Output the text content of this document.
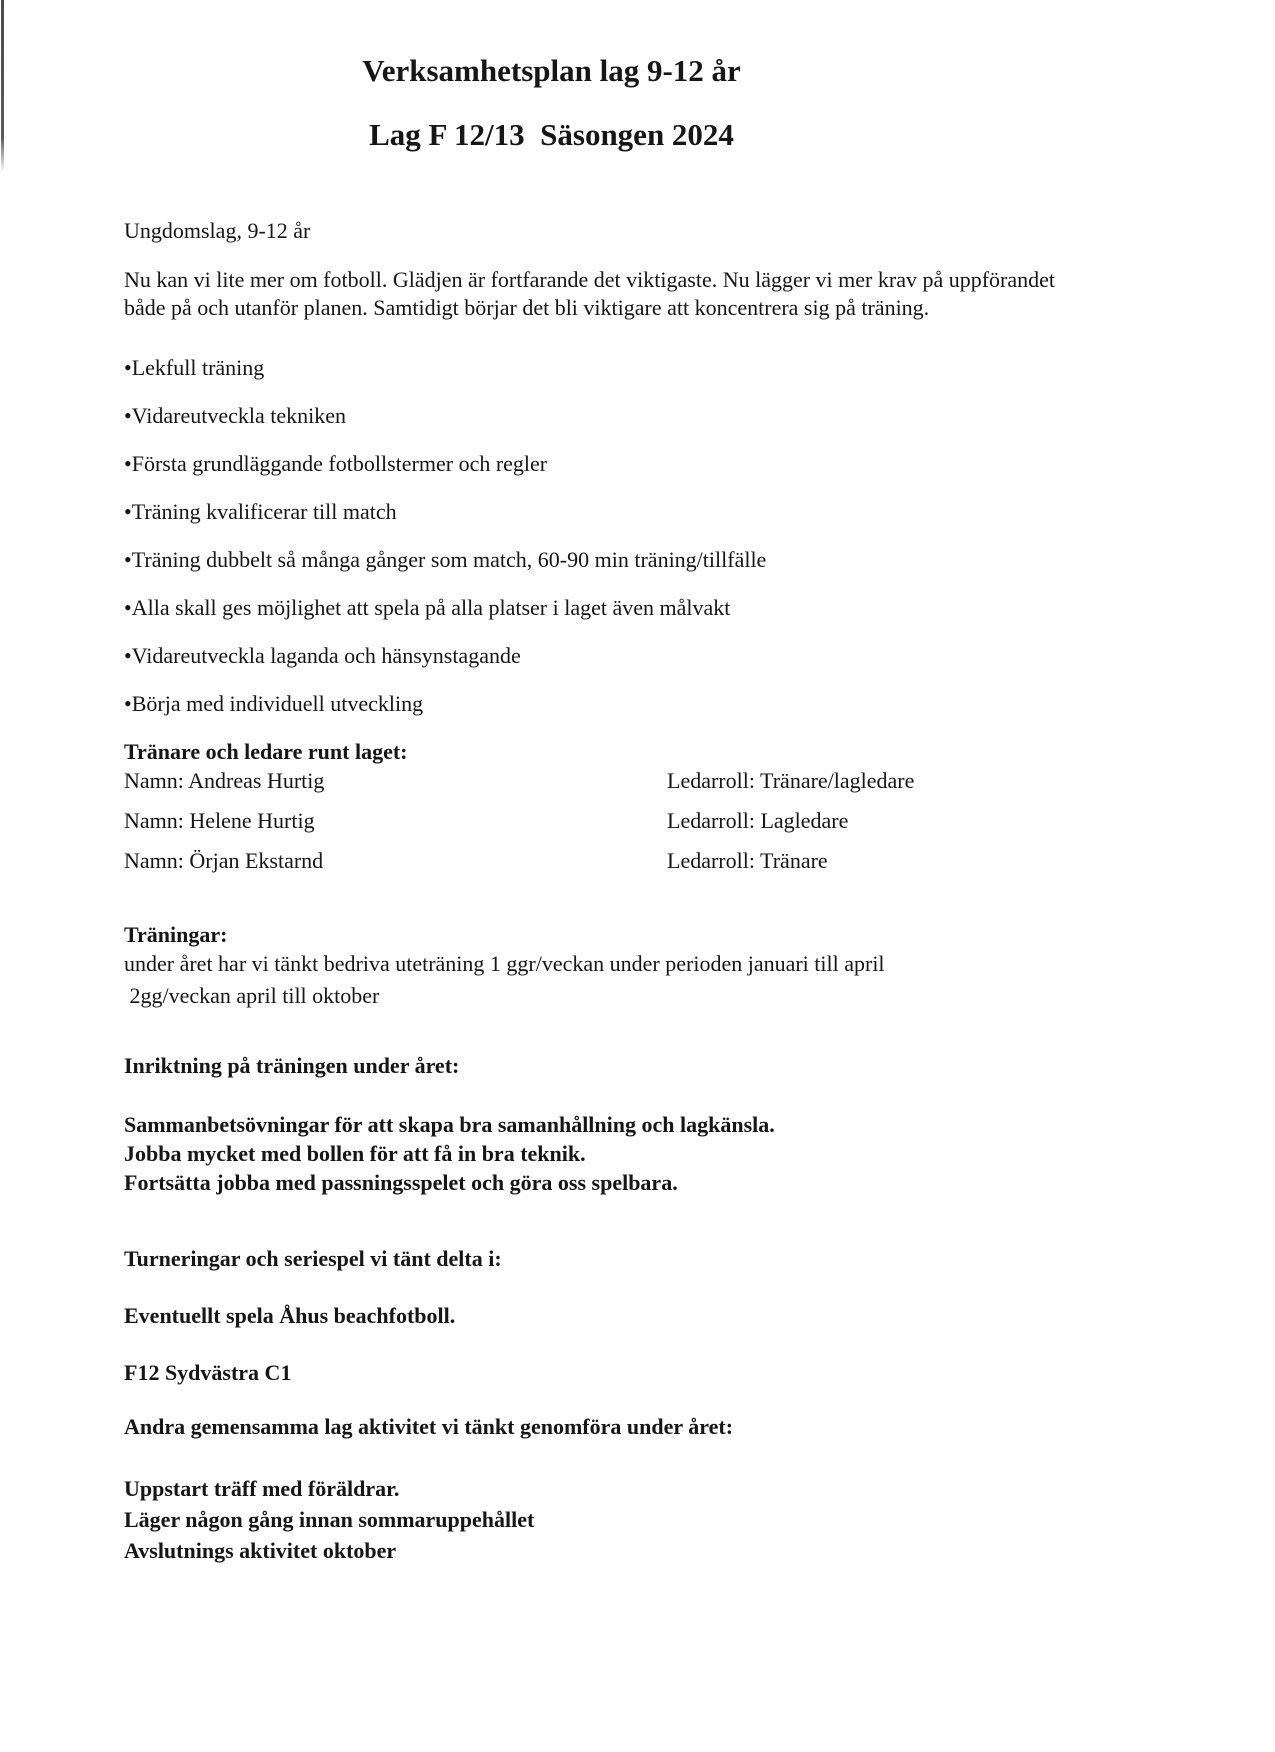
Verksamhetsplan lag 9-12 år
Lag F 12/13  Säsongen 2024
Ungdomslag, 9-12 år
Nu kan vi lite mer om fotboll. Glädjen är fortfarande det viktigaste. Nu lägger vi mer krav på uppförandet både på och utanför planen. Samtidigt börjar det bli viktigare att koncentrera sig på träning.
•Lekfull träning
•Vidareutveckla tekniken
•Första grundläggande fotbollstermer och regler
•Träning kvalificerar till match
•Träning dubbelt så många gånger som match, 60-90 min träning/tillfälle
•Alla skall ges möjlighet att spela på alla platser i laget även målvakt
•Vidareutveckla laganda och hänsynstagande
•Börja med individuell utveckling
Tränare och ledare runt laget:
Namn: Andreas Hurtig	Ledarroll: Tränare/lagledare
Namn: Helene Hurtig	Ledarroll: Lagledare
Namn: Örjan Ekstarnd	Ledarroll: Tränare
Träningar:
under året har vi tänkt bedriva uteträning 1 ggr/veckan under perioden januari till april
2gg/veckan april till oktober
Inriktning på träningen under året:
Sammanbetsövningar för att skapa bra samanhållning och lagkänsla.
Jobba mycket med bollen för att få in bra teknik.
Fortsätta jobba med passningsspelet och göra oss spelbara.
Turneringar och seriespel vi tänt delta i:
Eventuellt spela Åhus beachfotboll.
F12 Sydvästra C1
Andra gemensamma lag aktivitet vi tänkt genomföra under året:
Uppstart träff med föräldrar.
Läger någon gång innan sommaruppehållet
Avslutnings aktivitet oktober
